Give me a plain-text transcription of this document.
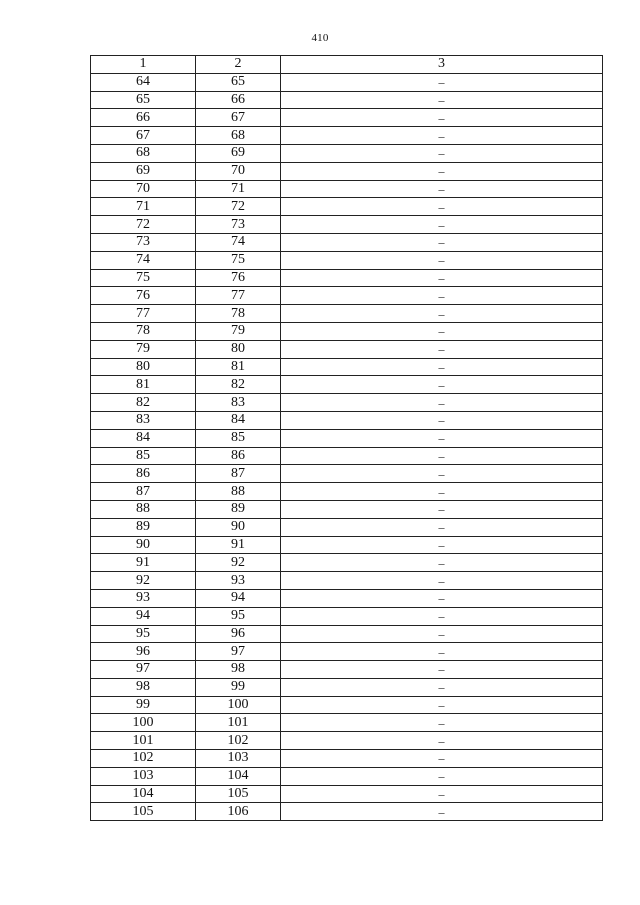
410
1	2	3
64	65	–
65	66	–
66	67	–
67	68	–
68	69	–
69	70	–
70	71	–
71	72	–
72	73	–
73	74	–
74	75	–
75	76	–
76	77	–
77	78	–
78	79	–
79	80	–
80	81	–
81	82	–
82	83	–
83	84	–
84	85	–
85	86	–
86	87	–
87	88	–
88	89	–
89	90	–
90	91	–
91	92	–
92	93	–
93	94	–
94	95	–
95	96	–
96	97	–
97	98	–
98	99	–
99	100	–
100	101	–
101	102	–
102	103	–
103	104	–
104	105	–
105	106	–
